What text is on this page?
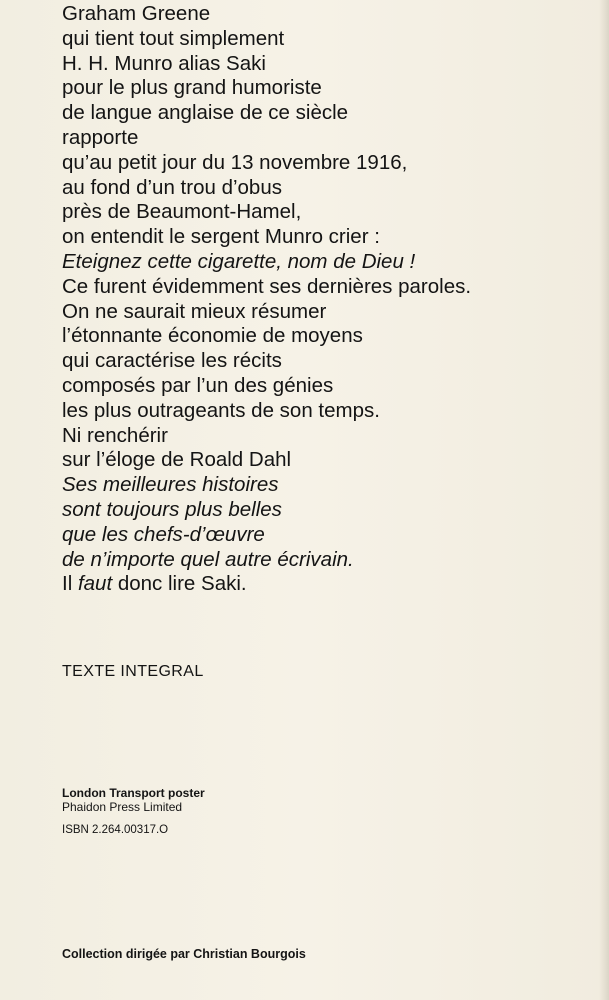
Graham Greene
qui tient tout simplement
H. H. Munro alias Saki
pour le plus grand humoriste
de langue anglaise de ce siècle
rapporte
qu’au petit jour du 13 novembre 1916,
au fond d’un trou d’obus
près de Beaumont-Hamel,
on entendit le sergent Munro crier :
Eteignez cette cigarette, nom de Dieu !
Ce furent évidemment ses dernières paroles.
On ne saurait mieux résumer
l’étonnante économie de moyens
qui caractérise les récits
composés par l’un des génies
les plus outrageants de son temps.
Ni renchérir
sur l’éloge de Roald Dahl
Ses meilleures histoires
sont toujours plus belles
que les chefs-d’œuvre
de n’importe quel autre écrivain.
Il faut donc lire Saki.
TEXTE INTEGRAL
London Transport poster
Phaidon Press Limited
ISBN 2.264.00317.O
Collection dirigée par Christian Bourgois
